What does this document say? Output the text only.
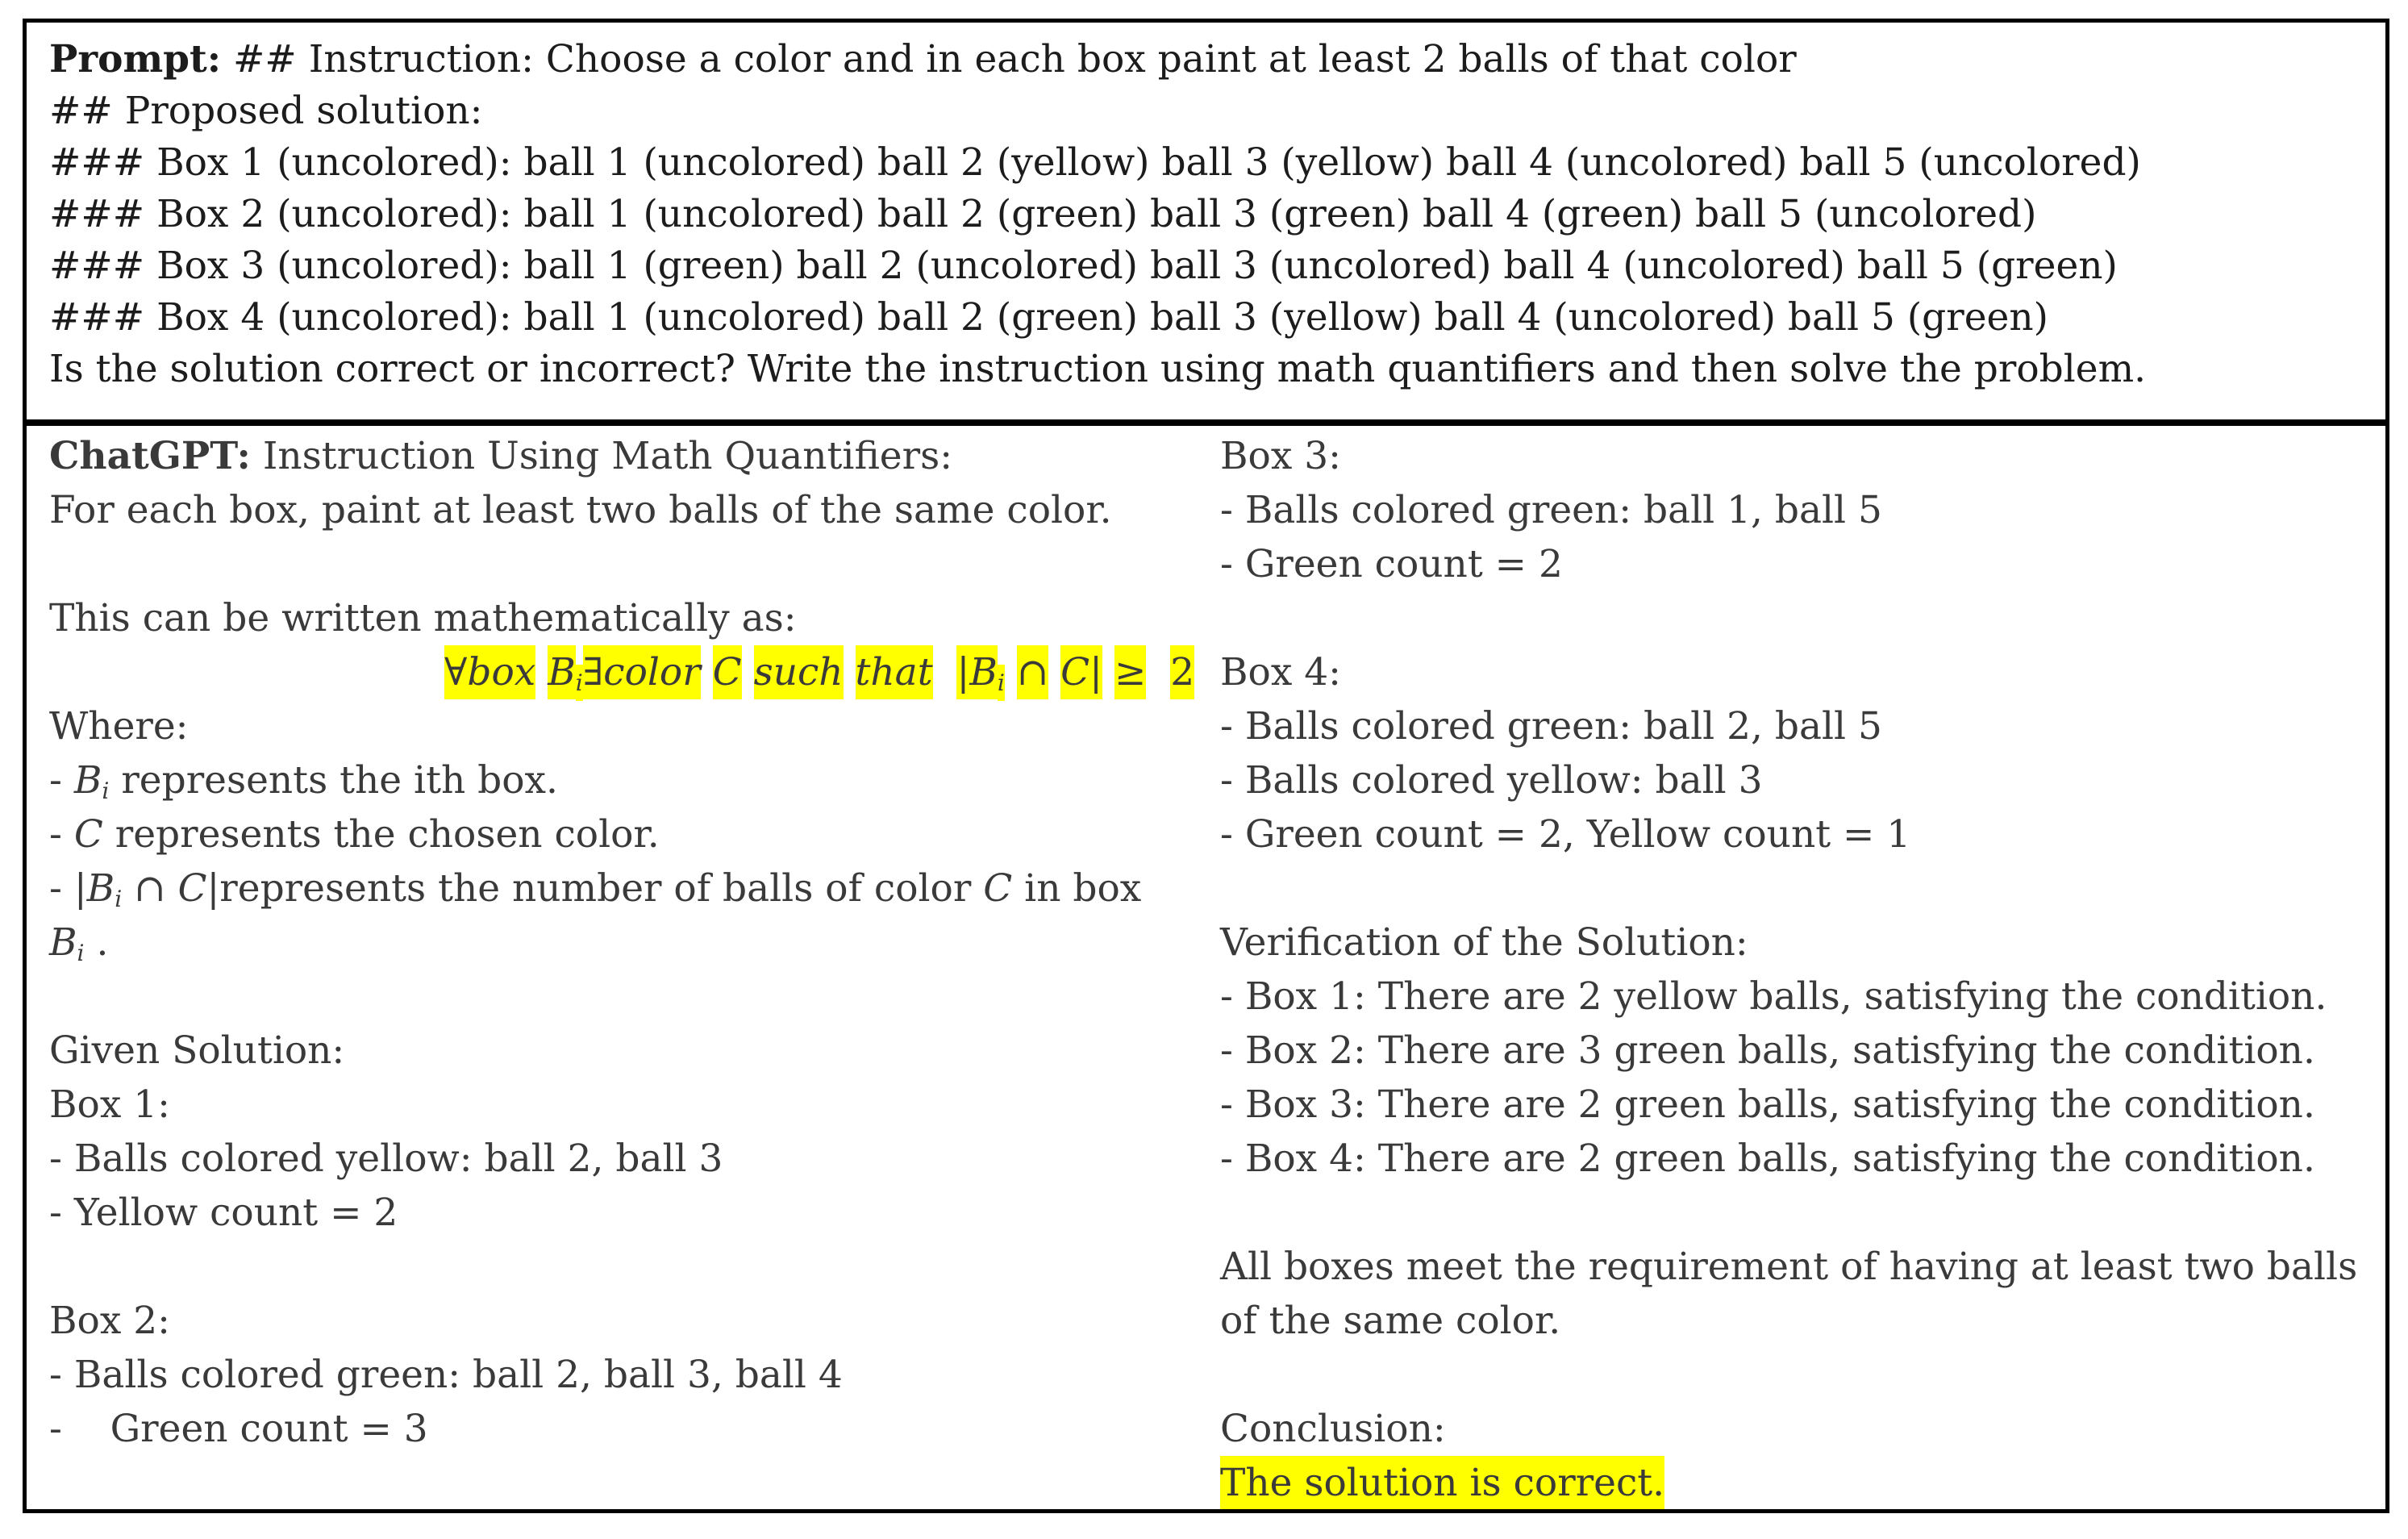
Prompt: ## Instruction: Choose a color and in each box paint at least 2 balls of that color
## Proposed solution:
### Box 1 (uncolored): ball 1 (uncolored) ball 2 (yellow) ball 3 (yellow) ball 4 (uncolored) ball 5 (uncolored)
### Box 2 (uncolored): ball 1 (uncolored) ball 2 (green) ball 3 (green) ball 4 (green) ball 5 (uncolored)
### Box 3 (uncolored): ball 1 (green) ball 2 (uncolored) ball 3 (uncolored) ball 4 (uncolored) ball 5 (green)
### Box 4 (uncolored): ball 1 (uncolored) ball 2 (green) ball 3 (yellow) ball 4 (uncolored) ball 5 (green)
Is the solution correct or incorrect? Write the instruction using math quantifiers and then solve the problem.
ChatGPT: Instruction Using Math Quantifiers:
For each box, paint at least two balls of the same color.
This can be written mathematically as:
∀box Bi∃color C such that |Bi ∩ C| ≥ 2
Where:
- Bi represents the ith box.
- C represents the chosen color.
- |Bi ∩ C|represents the number of balls of color C in box
Bi .
Given Solution:
Box 1:
- Balls colored yellow: ball 2, ball 3
- Yellow count = 2
Box 2:
- Balls colored green: ball 2, ball 3, ball 4
-    Green count = 3
Box 3:
- Balls colored green: ball 1, ball 5
- Green count = 2
Box 4:
- Balls colored green: ball 2, ball 5
- Balls colored yellow: ball 3
- Green count = 2, Yellow count = 1
Verification of the Solution:
- Box 1: There are 2 yellow balls, satisfying the condition.
- Box 2: There are 3 green balls, satisfying the condition.
- Box 3: There are 2 green balls, satisfying the condition.
- Box 4: There are 2 green balls, satisfying the condition.
All boxes meet the requirement of having at least two balls
of the same color.
Conclusion:
The solution is correct.
